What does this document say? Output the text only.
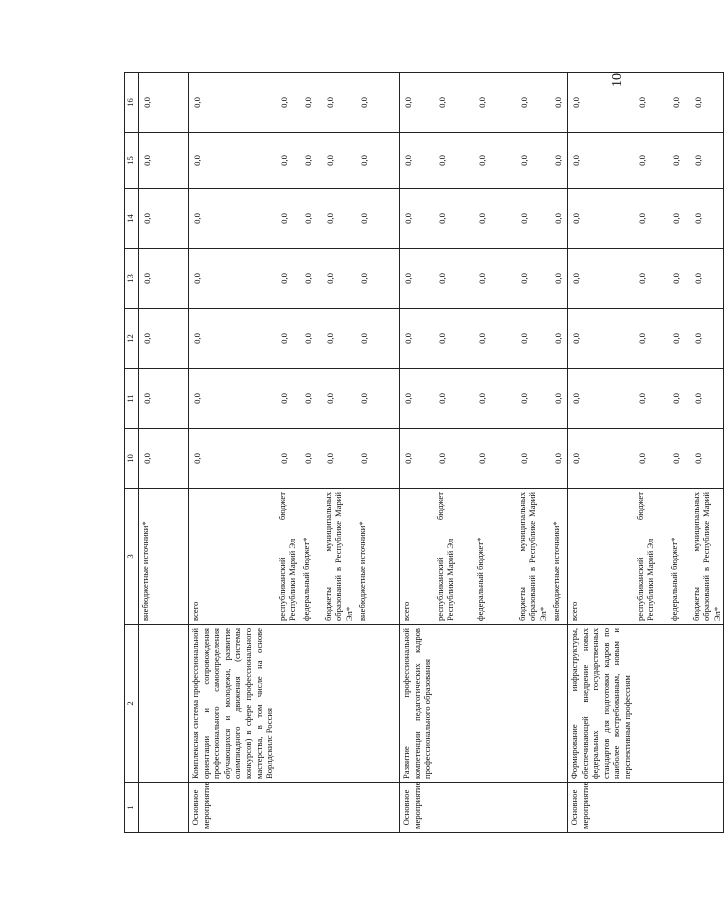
10
1	2	3	10	11	12	13	14	15	16
		внебюджетные источники*	0,0	0,0	0,0	0,0	0,0	0,0	0,0
Основное мероприятие	Комплексная система профессиональной ориентации и сопровождения профессионального самоопределения обучающихся и молодежи, развитие олимпиадного движения (системы конкурсов) в сфере профессионального мастерства, в том числе на основе Ворлдскилс Россия	всего	0,0	0,0	0,0	0,0	0,0	0,0	0,0
		республиканский бюджет Республики Марий Эл	0,0	0,0	0,0	0,0	0,0	0,0	0,0
		федеральный бюджет*	0,0	0,0	0,0	0,0	0,0	0,0	0,0
		бюджеты муниципальных образований в Республике Марий Эл*	0,0	0,0	0,0	0,0	0,0	0,0	0,0
		внебюджетные источники*	0,0	0,0	0,0	0,0	0,0	0,0	0,0
Основное мероприятие	Развитие профессиональной компетенции педагогических кадров профессионального образования	всего	0,0	0,0	0,0	0,0	0,0	0,0	0,0
		республиканский бюджет Республики Марий Эл	0,0	0,0	0,0	0,0	0,0	0,0	0,0
		федеральный бюджет*	0,0	0,0	0,0	0,0	0,0	0,0	0,0
		бюджеты муниципальных образований в Республике Марий Эл*	0,0	0,0	0,0	0,0	0,0	0,0	0,0
		внебюджетные источники*	0,0	0,0	0,0	0,0	0,0	0,0	0,0
Основное мероприятие	Формирование инфраструктуры, обеспечивающей внедрение новых федеральных государственных стандартов для подготовки кадров по наиболее востребованным, новым и перспективным профессиям	всего	0,0	0,0	0,0	0,0	0,0	0,0	0,0
		республиканский бюджет Республики Марий Эл	0,0	0,0	0,0	0,0	0,0	0,0	0,0
		федеральный бюджет*	0,0	0,0	0,0	0,0	0,0	0,0	0,0
		бюджеты муниципальных образований в Республике Марий Эл*	0,0	0,0	0,0	0,0	0,0	0,0	0,0
